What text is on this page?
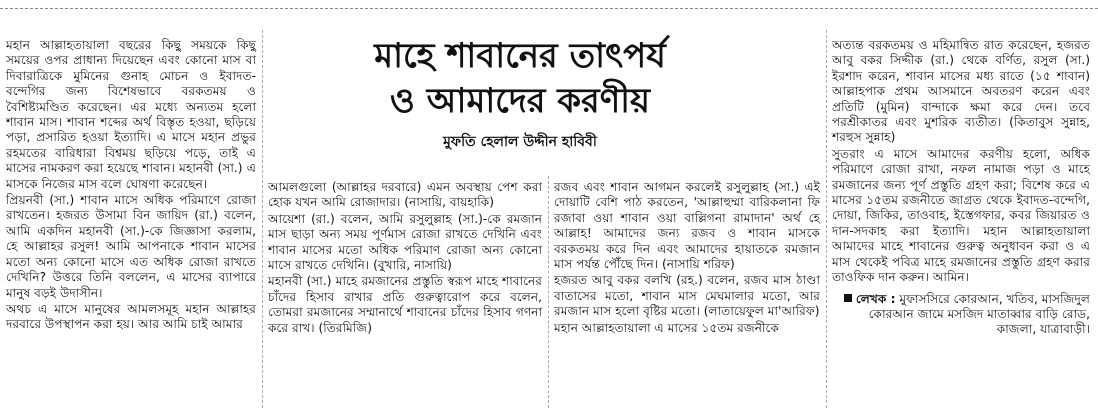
মাহে শাবানের তাৎপর্য
ও আমাদের করণীয়
মুফতি হেলাল উদ্দীন হাবিবী

মহান আল্লাহতায়ালা বছরের কিছু সময়কে কিছু সময়ের ওপর প্রাধান্য দিয়েছেন এবং কোনো মাস বা দিবারাত্রিকে মুমিনের গুনাহ মোচন ও ইবাদত-বন্দেগির জন্য বিশেষভাবে বরকতময় ও বৈশিষ্ট্যমণ্ডিত করেছেন। এর মধ্যে অন্যতম হলো শাবান মাস। শাবান শব্দের অর্থ বিস্তৃত হওয়া, ছড়িয়ে পড়া, প্রসারিত হওয়া ইত্যাদি। এ মাসে মহান প্রভুর রহমতের বারিধারা বিশ্বময় ছড়িয়ে পড়ে, তাই এ মাসের নামকরণ করা হয়েছে শাবান। মহানবী (সা.) এ মাসকে নিজের মাস বলে ঘোষণা করেছেন।

প্রিয়নবী (সা.) শাবান মাসে অধিক পরিমাণে রোজা রাখতেন। হজরত উসামা বিন জায়িদ (রা.) বলেন, আমি একদিন মহানবী (সা.)-কে জিজ্ঞাসা করলাম, হে আল্লাহর রসুল! আমি আপনাকে শাবান মাসের মতো অন্য কোনো মাসে এত অধিক রোজা রাখতে দেখিনি? উত্তরে তিনি বললেন, এ মাসের ব্যাপারে মানুষ বড়ই উদাসীন।

অথচ এ মাসে মানুষের আমলসমূহ মহান আল্লাহর দরবারে উপস্থাপন করা হয়। আর আমি চাই আমার

আমলগুলো (আল্লাহর দরবারে) এমন অবস্থায় পেশ করা হোক যখন আমি রোজাদার। (নাসায়ি, বায়হাকি)

আয়েশা (রা.) বলেন, আমি রসুলুল্লাহ (সা.)-কে রমজান মাস ছাড়া অন্য সময় পূর্ণমাস রোজা রাখতে দেখিনি এবং শাবান মাসের মতো অধিক পরিমাণ রোজা অন্য কোনো মাসে রাখতে দেখিনি। (বুখারি, নাসায়ি)

মহানবী (সা.) মাহে রমজানের প্রস্তুতি স্বরূপ মাহে শাবানের চাঁদের হিসাব রাখার প্রতি গুরুত্বারোপ করে বলেন, তোমরা রমজানের সম্মানার্থে শাবানের চাঁদের হিসাব গণনা করে রাখ। (তিরমিজি)

রজব এবং শাবান আগমন করলেই রসুলুল্লাহ (সা.) এই দোয়াটি বেশি পাঠ করতেন, 'আল্লাহুম্মা বারিকলানা ফি রজাবা ওয়া শাবান ওয়া বাল্লিগনা রামাদান' অর্থ হে আল্লাহ! আমাদের জন্য রজব ও শাবান মাসকে বরকতময় করে দিন এবং আমাদের হায়াতকে রমজান মাস পর্যন্ত পৌঁছে দিন। (নাসায়ি শরিফ)

হজরত আবু বকর বলখি (রহ.) বলেন, রজব মাস ঠাণ্ডা বাতাসের মতো, শাবান মাস মেঘমালার মতো, আর রমজান মাস হলো বৃষ্টির মতো। (লাতায়েফুল মা'আরিফ)

মহান আল্লাহতায়ালা এ মাসের ১৫তম রজনীকে

অত্যন্ত বরকতময় ও মহিমান্বিত রাত করেছেন, হজরত আবু বকর সিদ্দীক (রা.) থেকে বর্ণিত, রসুল (সা.) ইরশাদ করেন, শাবান মাসের মধ্য রাতে (১৫ শাবান) আল্লাহপাক প্রথম আসমানে অবতরণ করেন এবং প্রতিটি (মুমিন) বান্দাকে ক্ষমা করে দেন। তবে পরশ্রীকাতর এবং মুশরিক ব্যতীত। (কিতাবুস সুন্নাহ, শরহুস সুন্নাহ)

সুতরাং এ মাসে আমাদের করণীয় হলো, অধিক পরিমাণে রোজা রাখা, নফল নামাজ পড়া ও মাহে রমজানের জন্য পূর্ণ প্রস্তুতি গ্রহণ করা; বিশেষ করে এ মাসের ১৫তম রজনীতে জাগ্রত থেকে ইবাদত-বন্দেগি, দোয়া, জিকির, তাওবাহ, ইস্তেগফার, কবর জিয়ারত ও দান-সদকাহ করা ইত্যাদি। মহান আল্লাহতায়ালা আমাদের মাহে শাবানের গুরুত্ব অনুধাবন করা ও এ মাস থেকেই পবিত্র মাহে রমজানের প্রস্তুতি গ্রহণ করার তাওফিক দান করুন। আমিন।

লেখক : মুফাসসিরে কোরআন, খতিব, মাসজিদুল কোরআন জামে মসজিদ মাতাব্বার বাড়ি রোড, কাজলা, যাত্রাবাড়ী।
